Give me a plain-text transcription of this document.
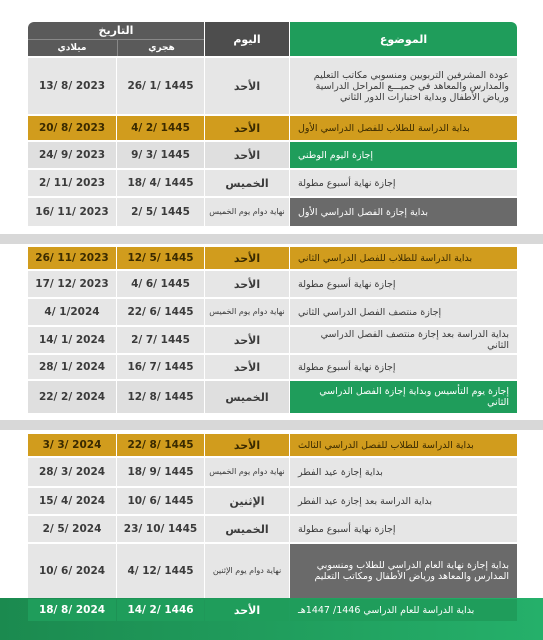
الموضوع
اليوم
التاريخ
هجري
ميلادي
عودة المشرفين التربويين ومنسوبي مكاتب التعليم والمدارس والمعاهد في جميـــع المراحل الدراسية ورياض الأطفال وبداية اختبارات الدور الثاني
الأحد
26/ 1/ 1445
13/ 8/ 2023
بداية الدراسة للطلاب للفصل الدراسي الأول
الأحد
4/ 2/ 1445
20/ 8/ 2023
إجازة اليوم الوطني
الأحد
9/ 3/ 1445
24/ 9/ 2023
إجازة نهاية أسبوع مطولة
الخميس
18/ 4/ 1445
2/ 11/ 2023
بداية إجازة الفصل الدراسي الأول
نهاية دوام يوم الخميس
2/ 5/ 1445
16/ 11/ 2023
بداية الدراسة للطلاب للفصل الدراسي الثاني
الأحد
12/ 5/ 1445
26/ 11/ 2023
إجازة نهاية أسبوع مطولة
الأحد
4/ 6/ 1445
17/ 12/ 2023
إجازة منتصف الفصل الدراسي الثاني
نهاية دوام يوم الخميس
22/ 6/ 1445
4/ 1/2024
بداية الدراسة بعد إجازة منتصف الفصل الدراسي الثاني
الأحد
2/ 7/ 1445
14/ 1/ 2024
إجازة نهاية أسبوع مطولة
الأحد
16/ 7/ 1445
28/ 1/ 2024
إجازة يوم التأسيس وبداية إجازة الفصل الدراسي الثاني
الخميس
12/ 8/ 1445
22/ 2/ 2024
بداية الدراسة للطلاب للفصل الدراسي الثالث
الأحد
22/ 8/ 1445
3/ 3/ 2024
بداية إجازة عيد الفطر
نهاية دوام يوم الخميس
18/ 9/ 1445
28/ 3/ 2024
بداية الدراسة بعد إجازة عيد الفطر
الإثنين
10/ 6/ 1445
15/ 4/ 2024
إجازة نهاية أسبوع مطولة
الخميس
23/ 10/ 1445
2/ 5/ 2024
بداية إجازة نهاية العام الدراسي للطلاب ومنسوبي المدارس والمعاهد ورياض الأطفال ومكاتب التعليم
نهاية دوام يوم الإثنين
4/ 12/ 1445
10/ 6/ 2024
بداية الدراسة للعام الدراسي 1446/ 1447هـ
الأحد
14/ 2/ 1446
18/ 8/ 2024
